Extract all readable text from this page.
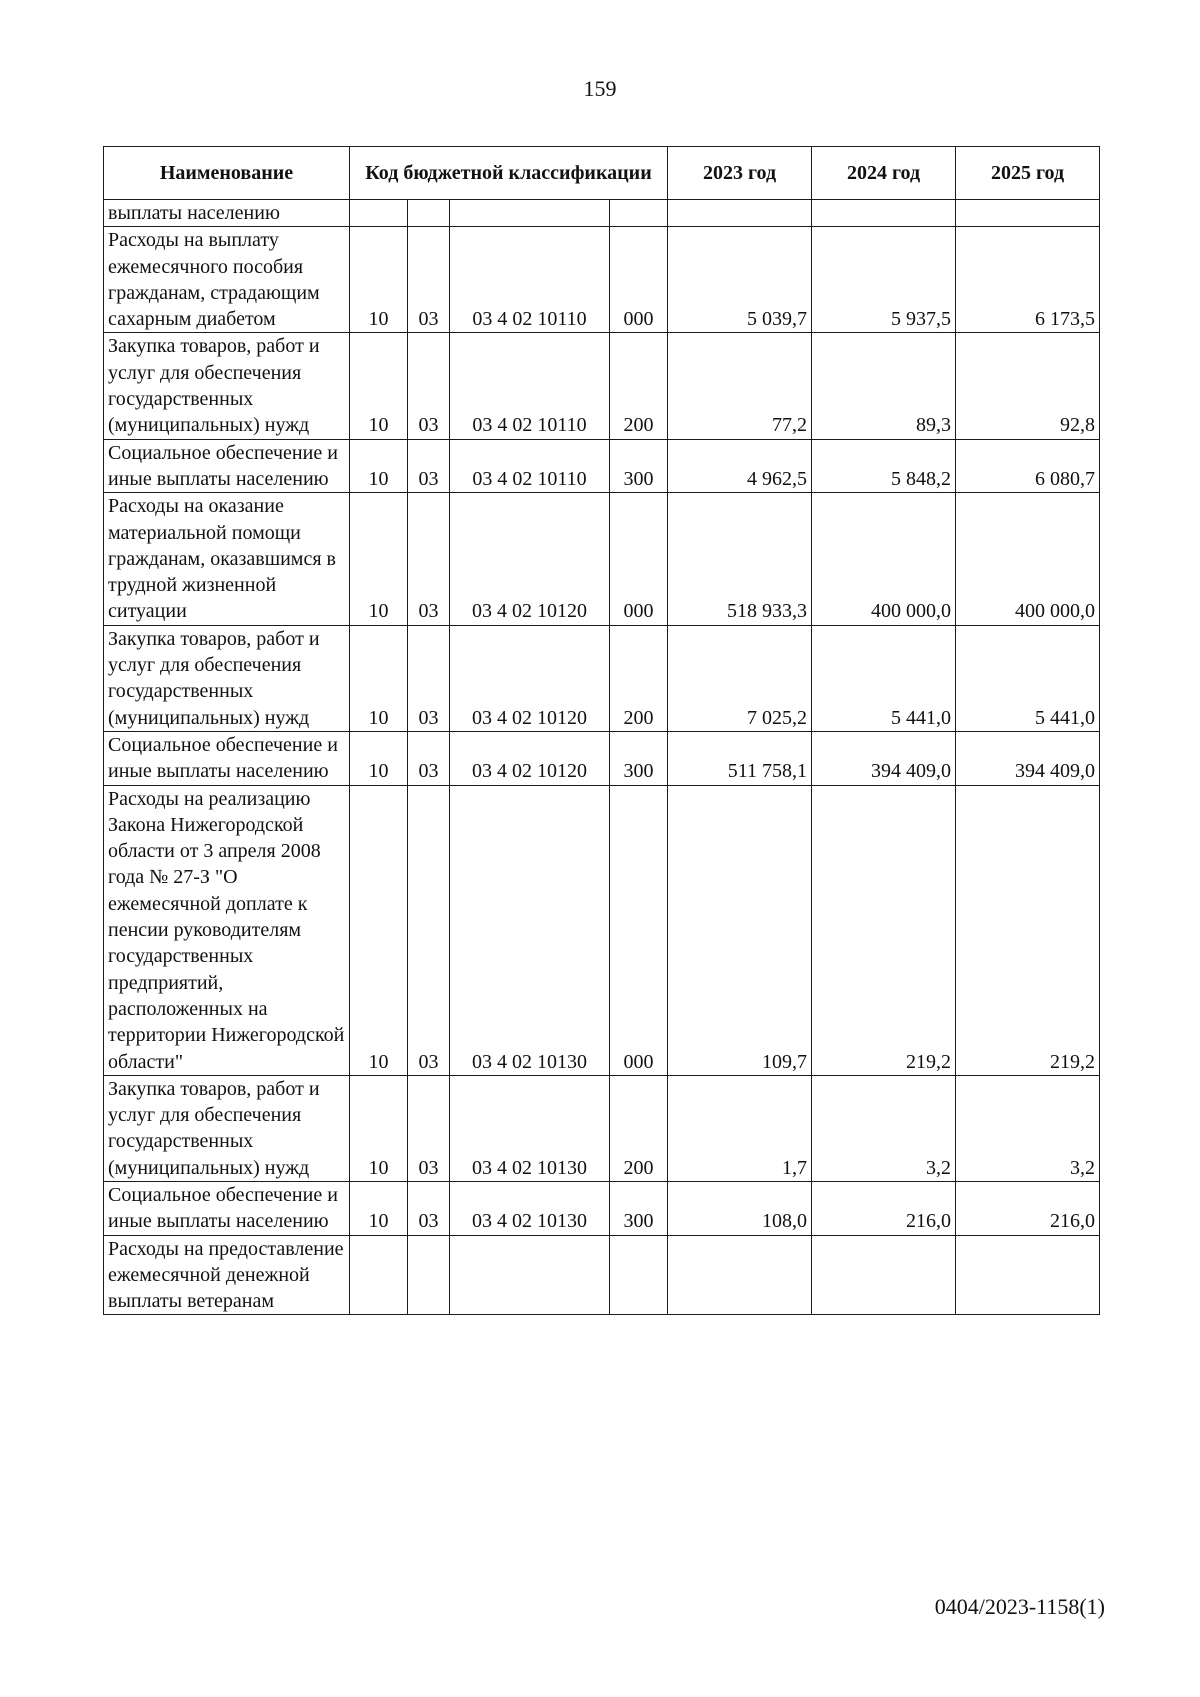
159
Наименование	Код бюджетной классификации				2023 год	2024 год	2025 год
выплаты населению							
Расходы на выплату ежемесячного пособия гражданам, страдающим сахарным диабетом	10	03	03 4 02 10110	000	5 039,7	5 937,5	6 173,5
Закупка товаров, работ и услуг для обеспечения государственных (муниципальных) нужд	10	03	03 4 02 10110	200	77,2	89,3	92,8
Социальное обеспечение и иные выплаты населению	10	03	03 4 02 10110	300	4 962,5	5 848,2	6 080,7
Расходы на оказание материальной помощи гражданам, оказавшимся в трудной жизненной ситуации	10	03	03 4 02 10120	000	518 933,3	400 000,0	400 000,0
Закупка товаров, работ и услуг для обеспечения государственных (муниципальных) нужд	10	03	03 4 02 10120	200	7 025,2	5 441,0	5 441,0
Социальное обеспечение и иные выплаты населению	10	03	03 4 02 10120	300	511 758,1	394 409,0	394 409,0
Расходы на реализацию Закона Нижегородской области от 3 апреля 2008 года № 27-З "О ежемесячной доплате к пенсии руководителям государственных предприятий, расположенных на территории Нижегородской области"	10	03	03 4 02 10130	000	109,7	219,2	219,2
Закупка товаров, работ и услуг для обеспечения государственных (муниципальных) нужд	10	03	03 4 02 10130	200	1,7	3,2	3,2
Социальное обеспечение и иные выплаты населению	10	03	03 4 02 10130	300	108,0	216,0	216,0
Расходы на предоставление ежемесячной денежной выплаты ветеранам							
0404/2023-1158(1)
